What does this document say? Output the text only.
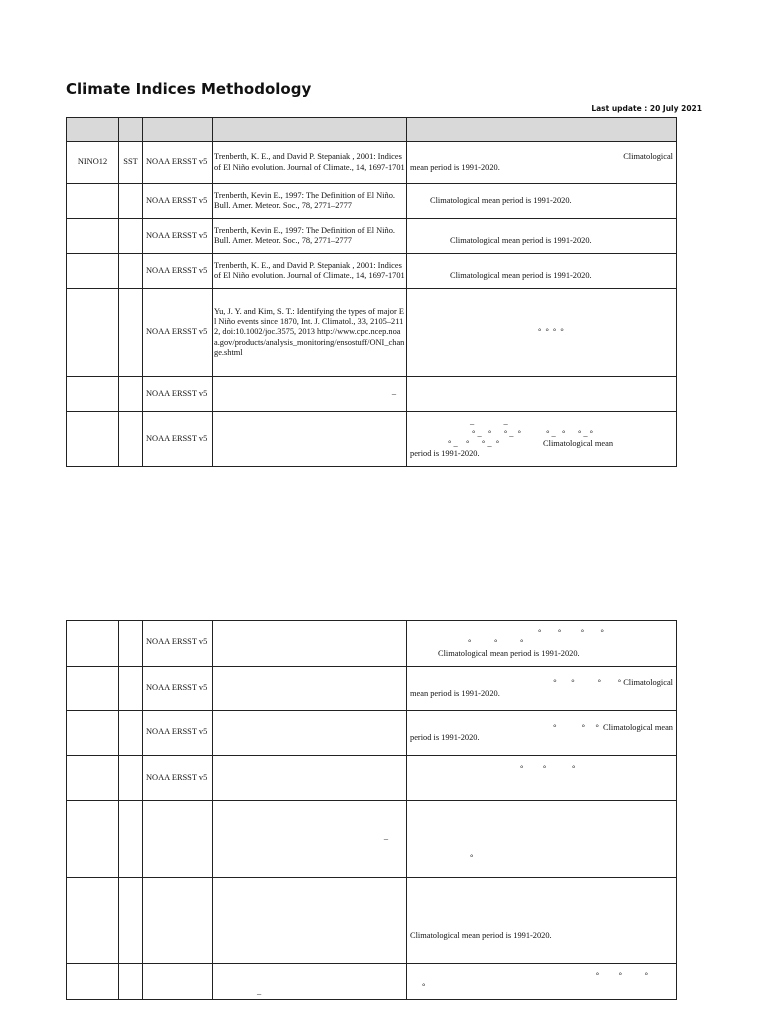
Climate Indices Methodology
Last update : 20 July 2021

NINO12	SST	NOAA ERSST v5	Trenberth, K. E., and David P. Stepaniak , 2001: Indices of El Niño evolution. Journal of Climate., 14, 1697-1701	Climatological
mean period is 1991-2020.

		NOAA ERSST v5	Trenberth, Kevin E., 1997: The Definition of El Niño. Bull. Amer. Meteor. Soc., 78, 2771–2777	Climatological mean period is 1991-2020.

		NOAA ERSST v5	Trenberth, Kevin E., 1997: The Definition of El Niño. Bull. Amer. Meteor. Soc., 78, 2771–2777	Climatological mean period is 1991-2020.

		NOAA ERSST v5	Trenberth, K. E., and David P. Stepaniak , 2001: Indices of El Niño evolution. Journal of Climate., 14, 1697-1701	Climatological mean period is 1991-2020.

		NOAA ERSST v5	Yu, J. Y. and Kim, S. T.: Identifying the types of major El Niño events since 1870, Int. J. Climatol., 33, 2105–2112, doi:10.1002/joc.3575, 2013 http://www.cpc.ncep.noaa.gov/products/analysis_monitoring/ensostuff/ONI_change.shtml	° ° ° °

		NOAA ERSST v5	–	
		NOAA ERSST v5		–              –
° _   °      ° _  °            ° _   °      ° _ °
° _    °      ° _  °                     Climatological mean
period is 1991-2020.
		NOAA ERSST v5		°     °      °     °
°       °       °
Climatological mean period is 1991-2020.

		NOAA ERSST v5		°       °           °        ° Climatological
mean period is 1991-2020.

		NOAA ERSST v5		°            °     °  Climatological mean
period is 1991-2020.

		NOAA ERSST v5		°      °        °

			–	°

				Climatological mean period is 1991-2020.

			–	°      °       °
°
